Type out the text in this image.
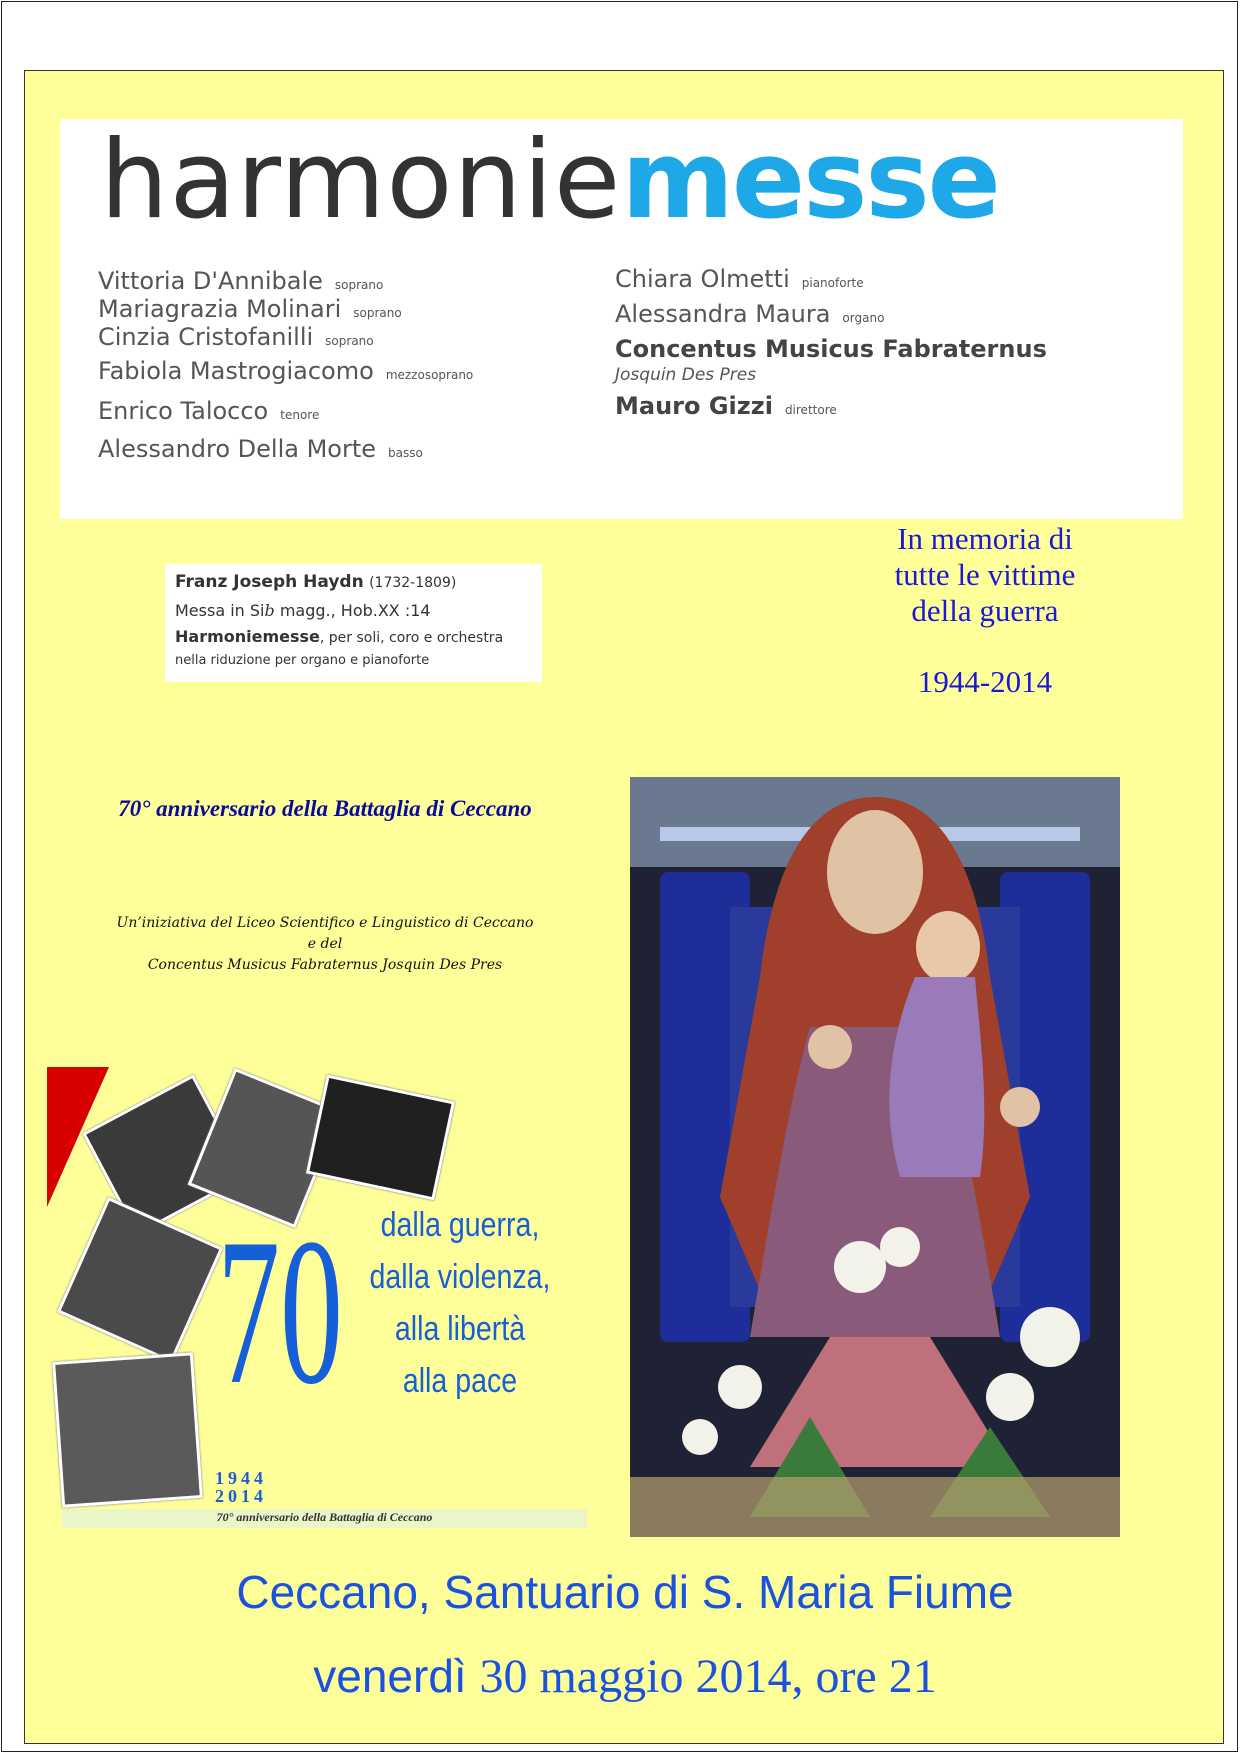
harmoniemesse
Vittoria D'Annibale soprano
Mariagrazia Molinari soprano
Cinzia Cristofanilli soprano
Fabiola Mastrogiacomo mezzosoprano
Enrico Talocco tenore
Alessandro Della Morte basso
Chiara Olmetti pianoforte
Alessandra Maura organo
Concentus Musicus Fabraternus
Josquin Des Pres
Mauro Gizzi direttore
Franz Joseph Haydn (1732-1809)
Messa in Sib magg., Hob.XX :14
Harmoniemesse, per soli, coro e orchestra
nella riduzione per organo e pianoforte
In memoria di
tutte le vittime
della guerra
1944-2014
70° anniversario della Battaglia di Ceccano
Un’iniziativa del Liceo Scientifico e Linguistico di Ceccano
e del
Concentus Musicus Fabraternus Josquin Des Pres
70
1944
2014
dalla guerra,
dalla violenza,
alla libertà
alla pace
70° anniversario della Battaglia di Ceccano
Ceccano, Santuario di S. Maria Fiume
venerdì 30 maggio 2014, ore 21
